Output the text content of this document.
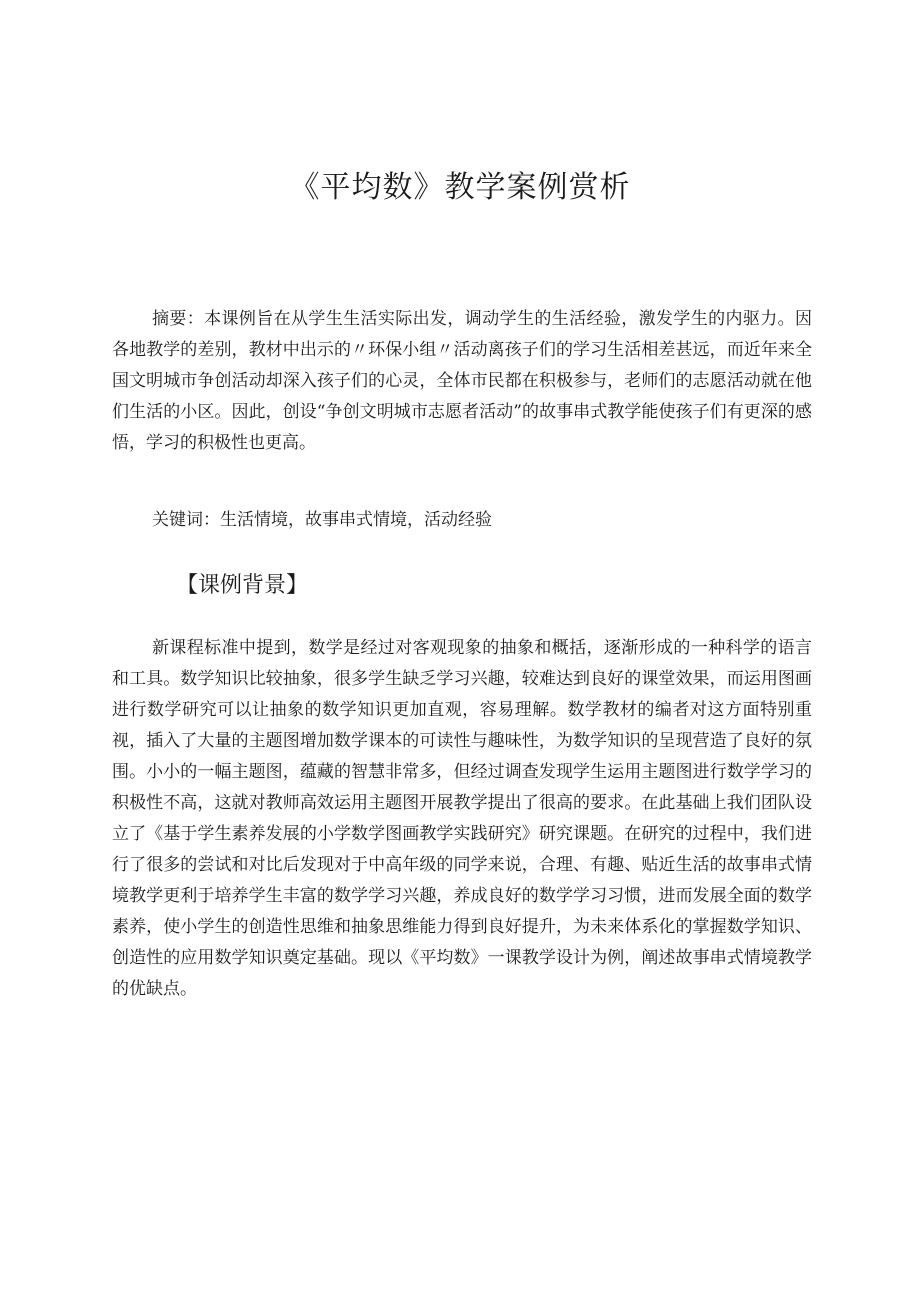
《平均数》教学案例赏析

摘要：本课例旨在从学生生活实际出发，调动学生的生活经验，激发学生的内驱力。因各地教学的差别，教材中出示的〃环保小组〃活动离孩子们的学习生活相差甚远，而近年来全国文明城市争创活动却深入孩子们的心灵，全体市民都在积极参与，老师们的志愿活动就在他们生活的小区。因此，创设“争创文明城市志愿者活动”的故事串式教学能使孩子们有更深的感悟，学习的积极性也更高。

关键词：生活情境，故事串式情境，活动经验

【课例背景】

新课程标准中提到，数学是经过对客观现象的抽象和概括，逐渐形成的一种科学的语言和工具。数学知识比较抽象，很多学生缺乏学习兴趣，较难达到良好的课堂效果，而运用图画进行数学研究可以让抽象的数学知识更加直观，容易理解。数学教材的编者对这方面特别重视，插入了大量的主题图增加数学课本的可读性与趣味性，为数学知识的呈现营造了良好的氛围。小小的一幅主题图，蕴藏的智慧非常多，但经过调查发现学生运用主题图进行数学学习的积极性不高，这就对教师高效运用主题图开展教学提出了很高的要求。在此基础上我们团队设立了《基于学生素养发展的小学数学图画教学实践研究》研究课题。在研究的过程中，我们进行了很多的尝试和对比后发现对于中高年级的同学来说，合理、有趣、贴近生活的故事串式情境教学更利于培养学生丰富的数学学习兴趣，养成良好的数学学习习惯，进而发展全面的数学素养，使小学生的创造性思维和抽象思维能力得到良好提升，为未来体系化的掌握数学知识、创造性的应用数学知识奠定基础。现以《平均数》一课教学设计为例，阐述故事串式情境教学的优缺点。
